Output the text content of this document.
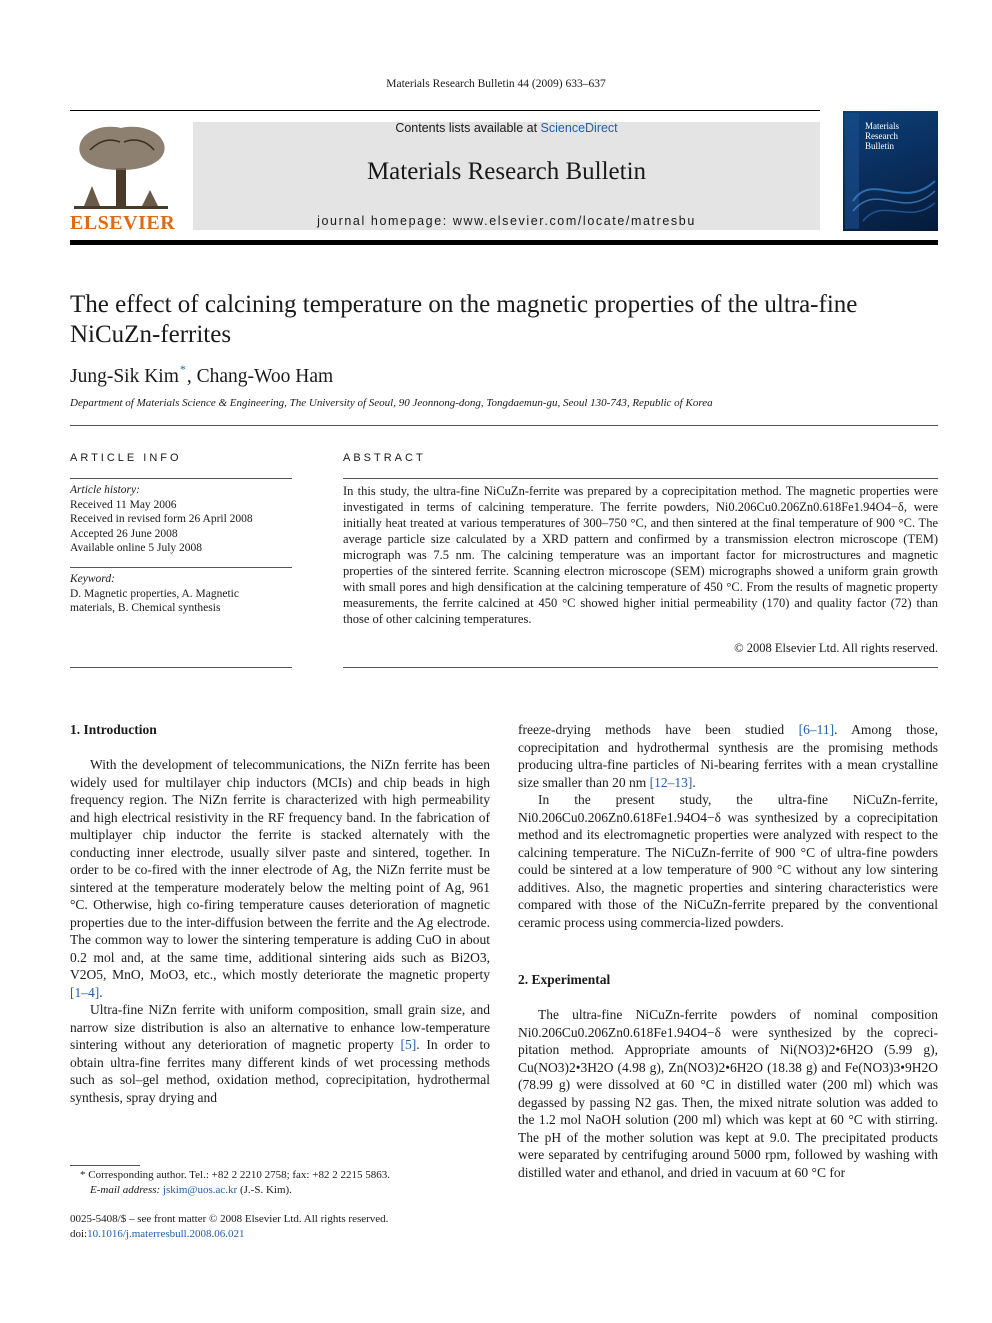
Materials Research Bulletin 44 (2009) 633–637
ELSEVIER
Contents lists available at ScienceDirect
Materials Research Bulletin
journal homepage: www.elsevier.com/locate/matresbu
Materials
Research
Bulletin
The effect of calcining temperature on the magnetic properties of the ultra-fine NiCuZn-ferrites
Jung-Sik Kim*, Chang-Woo Ham
Department of Materials Science & Engineering, The University of Seoul, 90 Jeonnong-dong, Tongdaemun-gu, Seoul 130-743, Republic of Korea
ARTICLE INFO
Article history:
Received 11 May 2006
Received in revised form 26 April 2008
Accepted 26 June 2008
Available online 5 July 2008
Keyword:
D. Magnetic properties, A. Magnetic
materials, B. Chemical synthesis
ABSTRACT
In this study, the ultra-fine NiCuZn-ferrite was prepared by a coprecipitation method. The magnetic properties were investigated in terms of calcining temperature. The ferrite powders, Ni0.206Cu0.206Zn0.618Fe1.94O4−δ, were initially heat treated at various temperatures of 300–750 °C, and then sintered at the final temperature of 900 °C. The average particle size calculated by a XRD pattern and confirmed by a transmission electron microscope (TEM) micrograph was 7.5 nm. The calcining temperature was an important factor for microstructures and magnetic properties of the sintered ferrite. Scanning electron microscope (SEM) micrographs showed a uniform grain growth with small pores and high densification at the calcining temperature of 450 °C. From the results of magnetic property measurements, the ferrite calcined at 450 °C showed higher initial permeability (170) and quality factor (72) than those of other calcining temperatures.
© 2008 Elsevier Ltd. All rights reserved.
1. Introduction

With the development of telecommunications, the NiZn ferrite has been widely used for multilayer chip inductors (MCIs) and chip beads in high frequency region. The NiZn ferrite is characterized with high permeability and high electrical resistivity in the RF frequency band. In the fabrication of multiplayer chip inductor the ferrite is stacked alternately with the conducting inner electrode, usually silver paste and sintered, together. In order to be co-fired with the inner electrode of Ag, the NiZn ferrite must be sintered at the temperature moderately below the melting point of Ag, 961 °C. Otherwise, high co-firing temperature causes deterioration of magnetic properties due to the inter-diffusion between the ferrite and the Ag electrode. The common way to lower the sintering temperature is adding CuO in about 0.2 mol and, at the same time, additional sintering aids such as Bi2O3, V2O5, MnO, MoO3, etc., which mostly deteriorate the magnetic property [1–4].

Ultra-fine NiZn ferrite with uniform composition, small grain size, and narrow size distribution is also an alternative to enhance low-temperature sintering without any deterioration of magnetic property [5]. In order to obtain ultra-fine ferrites many different kinds of wet processing methods such as sol–gel method, oxidation method, coprecipitation, hydrothermal synthesis, spray drying and

freeze-drying methods have been studied [6–11]. Among those, coprecipitation and hydrothermal synthesis are the promising methods producing ultra-fine particles of Ni-bearing ferrites with a mean crystalline size smaller than 20 nm [12–13].

In the present study, the ultra-fine NiCuZn-ferrite, Ni0.206Cu0.206Zn0.618Fe1.94O4−δ was synthesized by a coprecipitation method and its electromagnetic properties were analyzed with respect to the calcining temperature. The NiCuZn-ferrite of 900 °C of ultra-fine powders could be sintered at a low temperature of 900 °C without any low sintering additives. Also, the magnetic properties and sintering characteristics were compared with those of the NiCuZn-ferrite prepared by the conventional ceramic process using commercia-lized powders.

2. Experimental

The ultra-fine NiCuZn-ferrite powders of nominal composition Ni0.206Cu0.206Zn0.618Fe1.94O4−δ were synthesized by the copreci-pitation method. Appropriate amounts of Ni(NO3)2•6H2O (5.99 g), Cu(NO3)2•3H2O (4.98 g), Zn(NO3)2•6H2O (18.38 g) and Fe(NO3)3•9H2O (78.99 g) were dissolved at 60 °C in distilled water (200 ml) which was degassed by passing N2 gas. Then, the mixed nitrate solution was added to the 1.2 mol NaOH solution (200 ml) which was kept at 60 °C with stirring. The pH of the mother solution was kept at 9.0. The precipitated products were separated by centrifuging around 5000 rpm, followed by washing with distilled water and ethanol, and dried in vacuum at 60 °C for

* Corresponding author. Tel.: +82 2 2210 2758; fax: +82 2 2215 5863.
E-mail address: jskim@uos.ac.kr (J.-S. Kim).
0025-5408/$ – see front matter © 2008 Elsevier Ltd. All rights reserved.
doi:10.1016/j.materresbull.2008.06.021
